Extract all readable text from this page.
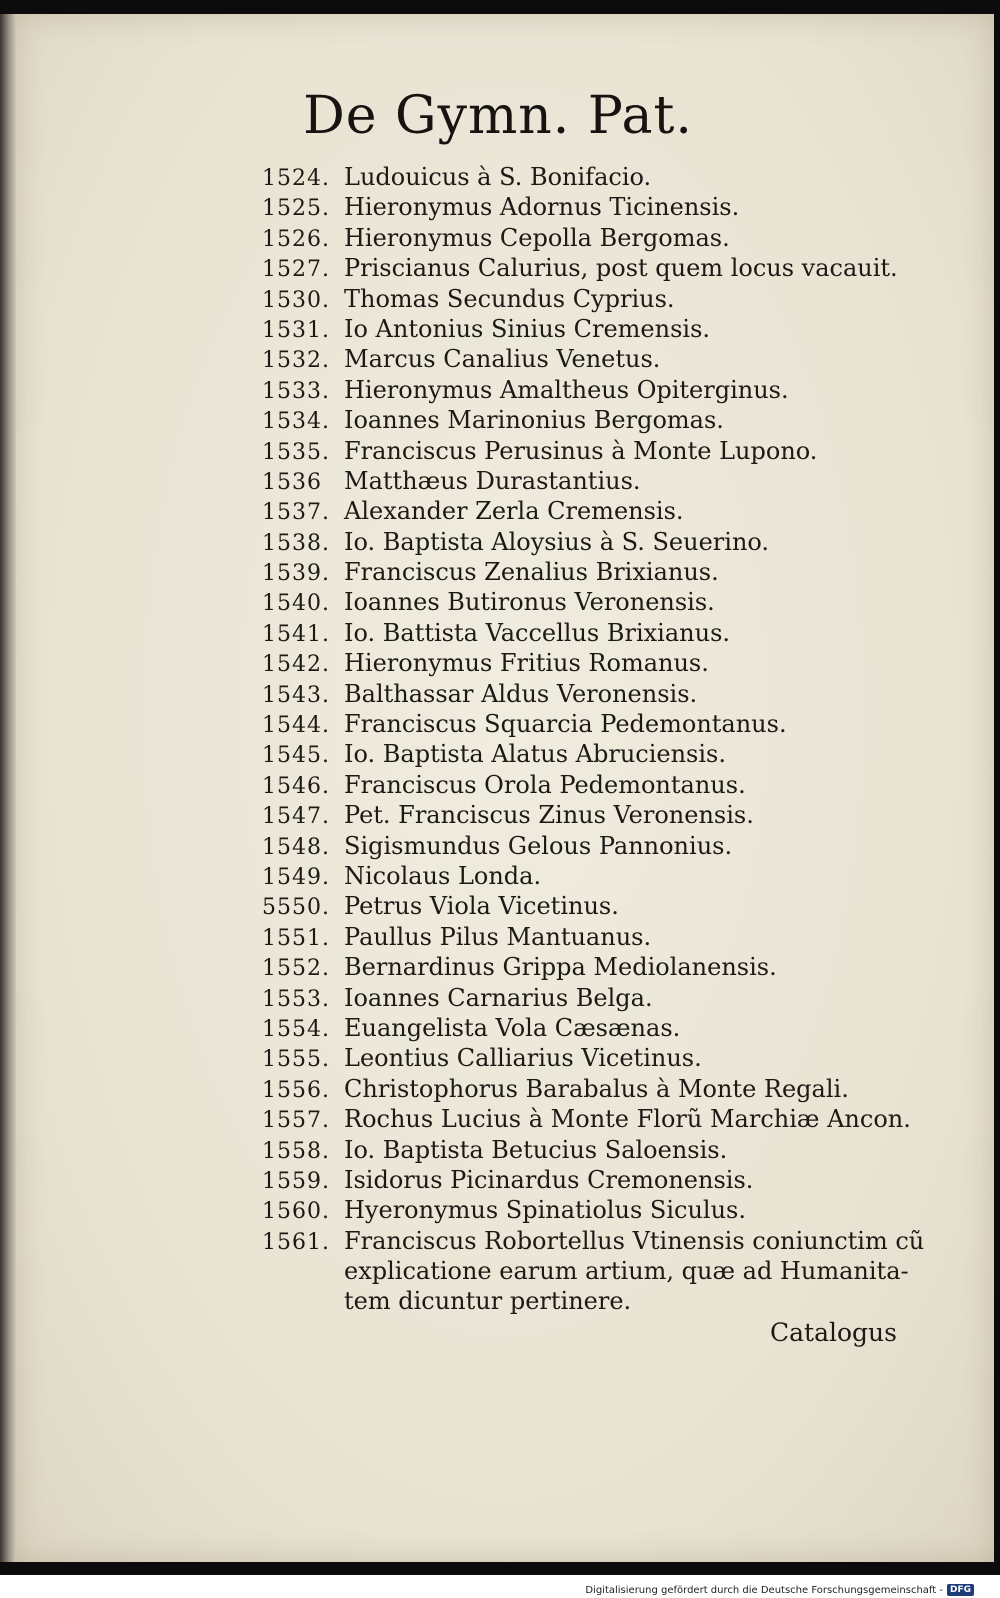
De Gymn. Pat.
1524. Ludouicus à S. Bonifacio.
1525. Hieronymus Adornus Ticinensis.
1526. Hieronymus Cepolla Bergomas.
1527. Priscianus Calurius, post quem locus vacauit.
1530. Thomas Secundus Cyprius.
1531. Io Antonius Sinius Cremensis.
1532. Marcus Canalius Venetus.
1533. Hieronymus Amaltheus Opiterginus.
1534. Ioannes Marinonius Bergomas.
1535. Franciscus Perusinus à Monte Lupono.
1536 Matthæus Durastantius.
1537. Alexander Zerla Cremensis.
1538. Io. Baptista Aloysius à S. Seuerino.
1539. Franciscus Zenalius Brixianus.
1540. Ioannes Butironus Veronensis.
1541. Io. Battista Vaccellus Brixianus.
1542. Hieronymus Fritius Romanus.
1543. Balthassar Aldus Veronensis.
1544. Franciscus Squarcia Pedemontanus.
1545. Io. Baptista Alatus Abruciensis.
1546. Franciscus Orola Pedemontanus.
1547. Pet. Franciscus Zinus Veronensis.
1548. Sigismundus Gelous Pannonius.
1549. Nicolaus Londa.
5550. Petrus Viola Vicetinus.
1551. Paullus Pilus Mantuanus.
1552. Bernardinus Grippa Mediolanensis.
1553. Ioannes Carnarius Belga.
1554. Euangelista Vola Cæsænas.
1555. Leontius Calliarius Vicetinus.
1556. Christophorus Barabalus à Monte Regali.
1557. Rochus Lucius à Monte Florũ Marchiæ Ancon.
1558. Io. Baptista Betucius Saloensis.
1559. Isidorus Picinardus Cremonensis.
1560. Hyeronymus Spinatiolus Siculus.
1561. Franciscus Robortellus Vtinensis coniunctim cũ
explicatione earum artium, quæ ad Humanita-
tem dicuntur pertinere.
Catalogus
Digitalisierung gefördert durch die Deutsche Forschungsgemeinschaft - DFG
